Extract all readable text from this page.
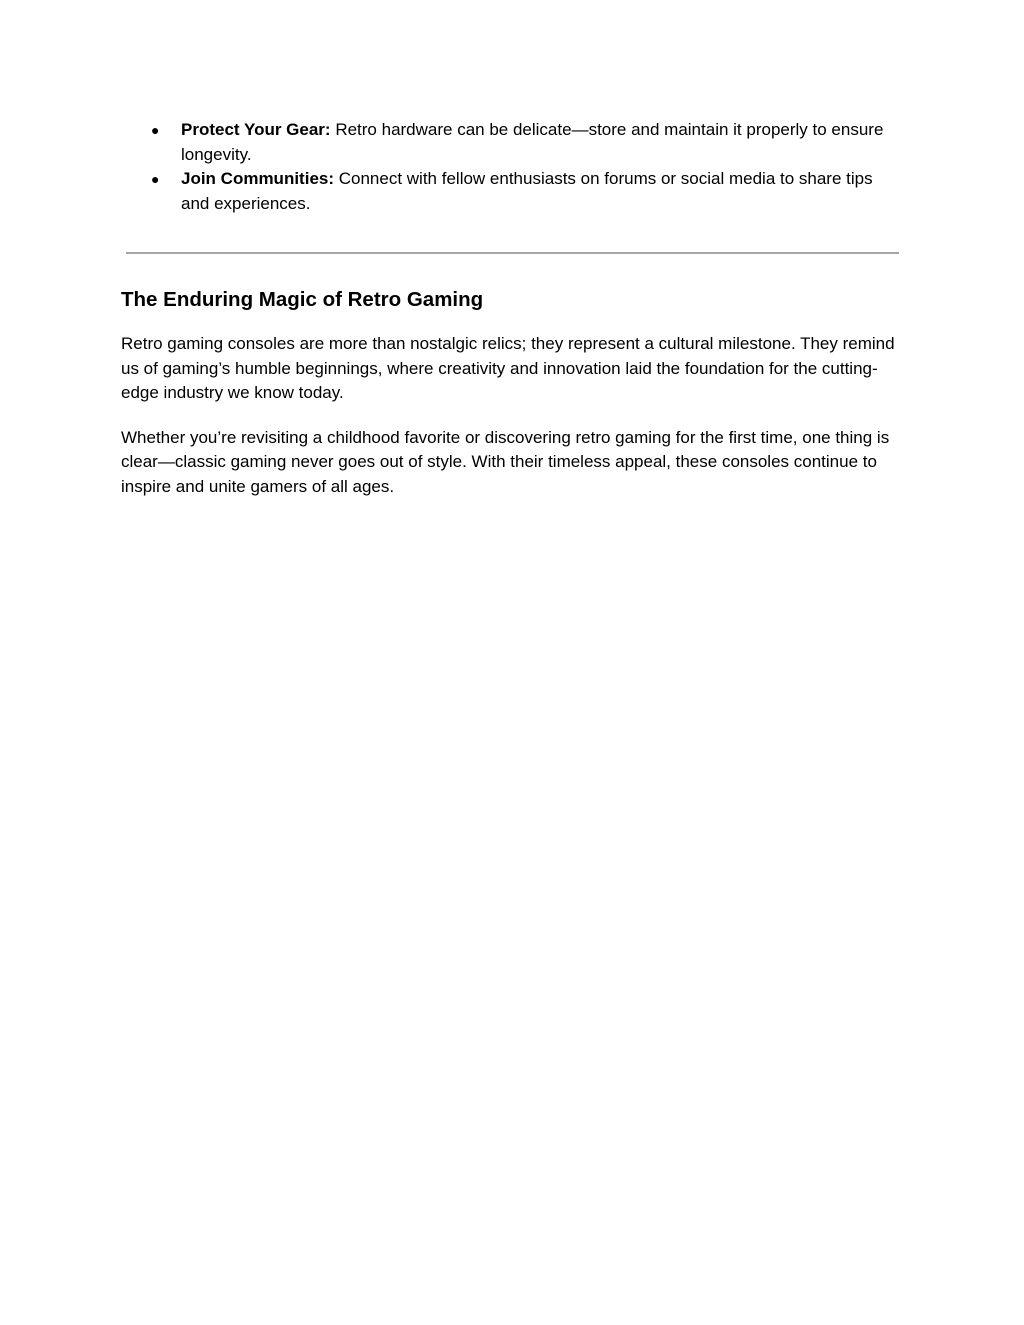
● Protect Your Gear: Retro hardware can be delicate—store and maintain it properly to ensure longevity.
● Join Communities: Connect with fellow enthusiasts on forums or social media to share tips and experiences.
The Enduring Magic of Retro Gaming

Retro gaming consoles are more than nostalgic relics; they represent a cultural milestone. They remind us of gaming’s humble beginnings, where creativity and innovation laid the foundation for the cutting-edge industry we know today.

Whether you’re revisiting a childhood favorite or discovering retro gaming for the first time, one thing is clear—classic gaming never goes out of style. With their timeless appeal, these consoles continue to inspire and unite gamers of all ages.
